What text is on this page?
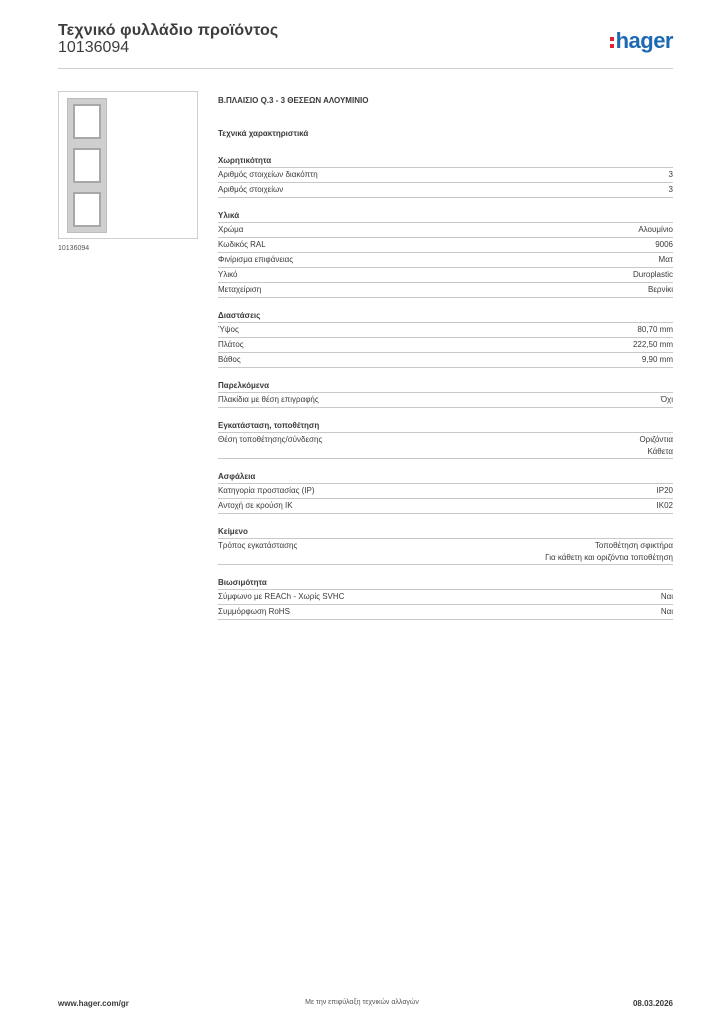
Τεχνικό φυλλάδιο προϊόντος
10136094	hager
10136094
Β.ΠΛΑΙΣΙΟ Q.3 - 3 ΘΕΣΕΩΝ ΑΛΟΥΜΙΝΙΟ
Τεχνικά χαρακτηριστικά
Χωρητικότητα
Αριθμός στοιχείων διακόπτη	3
Αριθμός στοιχείων	3
Υλικά
Χρώμα	Αλουμίνιο
Κωδικός RAL	9006
Φινίρισμα επιφάνειας	Ματ
Υλικό	Duroplastic
Μεταχείριση	Βερνίκι
Διαστάσεις
Ύψος	80,70 mm
Πλάτος	222,50 mm
Βάθος	9,90 mm
Παρελκόμενα
Πλακίδια με θέση επιγραφής	Όχι
Εγκατάσταση, τοποθέτηση
Θέση τοποθέτησης/σύνδεσης	Οριζόντια
Κάθετα
Ασφάλεια
Κατηγορία προστασίας (IP)	IP20
Αντοχή σε κρούση IK	IK02
Κείμενο
Τρόπος εγκατάστασης	Τοποθέτηση σφικτήρα
Για κάθετη και οριζόντια τοποθέτηση
Βιωσιμότητα
Σύμφωνο με REACh - Χωρίς SVHC	Ναι
Συμμόρφωση RoHS	Ναι
www.hager.com/gr	Με την επιφύλαξη τεχνικών αλλαγών	08.03.2026
